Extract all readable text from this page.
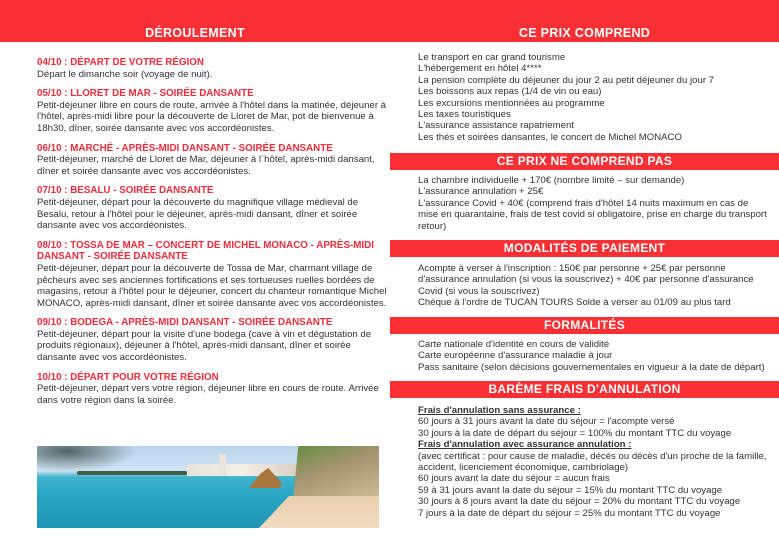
DÉROULEMENT	CE PRIX COMPREND
04/10 : DÉPART DE VOTRE RÉGION
Départ le dimanche soir (voyage de nuit).
05/10 : LLORET DE MAR - SOIRÉE DANSANTE
Petit-déjeuner libre en cours de route, arrivée à l'hôtel dans la matinée, déjeuner à l'hôtel, après-midi libre pour la découverte de Lloret de Mar, pot de bienvenue à 18h30, dîner, soirée dansante avec vos accordéonistes.
06/10 : MARCHÉ - APRÈS-MIDI DANSANT - SOIRÉE DANSANTE
Petit-déjeuner, marché de Lloret de Mar, déjeuner à l´hôtel, après-midi dansant, dîner et soirée dansante avec vos accordéonistes.
07/10 : BESALU - SOIRÉE DANSANTE
Petit-déjeuner, départ pour la découverte du magnifique village médieval de Besalu, retour à l'hôtel pour le déjeuner, après-midi dansant, dîner et soirée dansante avec vos accordéonistes.
08/10 : TOSSA DE MAR – CONCERT DE MICHEL MONACO - APRÈS-MIDI DANSANT - SOIRÉE DANSANTE
Petit-déjeuner, départ pour la découverte de Tossa de Mar, charmant village de pêcheurs avec ses anciennes fortifications et ses tortueuses ruelles bordées de magasins, retour à l'hôtel pour le déjeuner, concert du chanteur romantique Michel MONACO, après-midi dansant, dîner et soirée dansante avec vos accordéonistes.
09/10 : BODEGA - APRÈS-MIDI DANSANT - SOIRÉE DANSANTE
Petit-déjeuner, départ pour la visite d'une bodega (cave à vin et dégustation de produits régionaux), déjeuner à l'hôtel, après-midi dansant, dîner et soirée dansante avec vos accordéonistes.
10/10 : DÉPART POUR VOTRE RÉGION
Petit-déjeuner, départ vers votre région, déjeuner libre en cours de route. Arrivée dans votre région dans la soirée.
Le transport en car grand tourisme
L'hébergement en hôtel 4****
La pension complète du déjeuner du jour 2 au petit déjeuner du jour 7
Les boissons aux repas (1/4 de vin ou eau)
Les excursions mentionnées au programme
Les taxes touristiques
L'assurance assistance rapatriement
Les thés et soirées dansantes, le concert de Michel MONACO
CE PRIX NE COMPREND PAS
La chambre individuelle + 170€ (nombre limité – sur demande)
L'assurance annulation + 25€
L'assurance Covid + 40€ (comprend frais d'hôtel 14 nuits maximum en cas de mise en quarantaine, frais de test covid si obligatoire, prise en charge du transport retour)
MODALITÉS DE PAIEMENT
Acompte à verser à l'inscription : 150€ par personne + 25€ par personne d'assurance annulation (si vous la souscrivez) + 40€ par personne d'assurance Covid (si vous la souscrivez)
Chèque à l'ordre de TUCAN TOURS Solde à verser au 01/09 au plus tard
FORMALITÉS
Carte nationale d'identité en cours de validité
Carte européenne d'assurance maladie à jour
Pass sanitaire (selon décisions gouvernementales en vigueur à la date de départ)
BARÈME FRAIS D'ANNULATION
Frais d'annulation sans assurance :
60 jours à 31 jours avant la date du séjour = l'acompte versé
30 jours à la date de départ du séjour = 100% du montant TTC du voyage
Frais d'annulation avec assurance annulation :
(avec certificat : pour cause de maladie, décès ou décès d'un proche de la famille, accident, licenciement économique, cambriolage)
60 jours avant la date du séjour = aucun frais
59 à 31 jours avant la date du séjour = 15% du montant TTC du voyage
30 jours à 8 jours avant la date du séjour = 20% du montant TTC du voyage
7 jours à la date de départ du séjour = 25% du montant TTC du voyage
